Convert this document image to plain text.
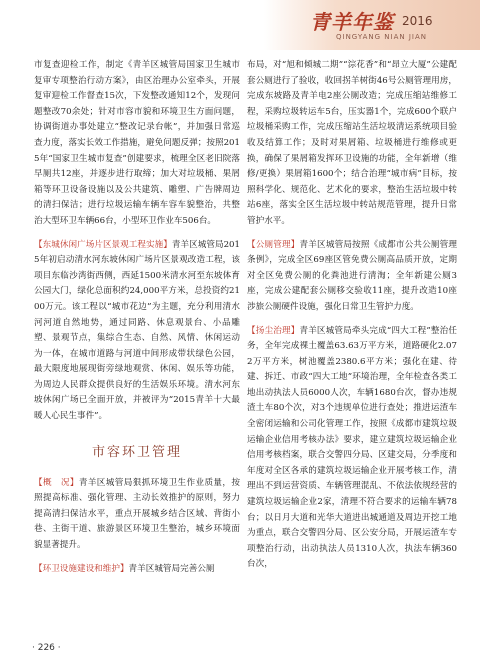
青羊年鉴 2016
QINGYANG NIAN JIAN

市复查迎检工作，制定《青羊区城管局国家卫生城市复审专项整治行动方案》，由区治理办公室牵头，开展复审迎检工作督查15次，下发整改通知12个，发现问题整改70余处；针对市容市貌和环境卫生方面问题，协调街道办事处建立“整改记录台帐”，并加强日常巡查力度，落实长效工作措施，避免问题反弹；按照2015年“国家卫生城市复查”创建要求，梳理全区老旧院落早厕共12座，并逐步进行取缔；加大对垃圾桶、果屑箱等环卫设备设施以及公共建筑、雕塑、广告牌周边的清扫保洁；进行垃圾运输车辆车容车貌整治，共整治大型环卫车辆66台，小型环卫作业车506台。

【东城休闲广场片区景观工程实施】青羊区城管局2015年初启动清水河东坡休闲广场片区景观改造工程，该项目东临沙湾街西侧，西延1500米清水河至东坡体育公园大门，绿化总面积约24,000平方米，总投资约2100万元。该工程以“城市花边”为主题，充分利用清水河河道自然地势，通过同路、休息观景台、小品雕塑、景观节点，集综合生态、自然、风情、休闲运动为一体，在城市道路与河道中间形成带状绿色公园，最大限度地展现街旁绿地观赏、休闲、娱乐等功能，为周边人民群众提供良好的生活娱乐环境。清水河东坡休闲广场已全面开放，并被评为“2015青羊十大最暖人心民生事件”。

市容环卫管理

【概　况】青羊区城管局狠抓环境卫生作业质量，按照提高标准、强化管理、主动长效推护的原则，努力提高清扫保洁水平，重点开展城乡结合区域、背街小巷、主街干道、旅游景区环境卫生整治，城乡环境面貌显著提升。

【环卫设施建设和维护】青羊区城管局完善公厕

布局，对“旭和倾城二期”“淙花香”和“昂立大厦”公建配套公厕进行了验收，收回拐羊树街46号公厕管理用房，完成东坡路及青羊电2座公厕改造；完成压缩站维修工程，采购垃圾转运车5台，压实器1个，完成600个联户垃圾桶采购工作，完成压缩站生活垃圾清运系统项目验收及结算工作；及时对果屑箱、垃圾桶进行维修或更换，确保了果屑箱发挥环卫设施的功能，全年新增（维修/更换）果屑箱1600个；结合治理“城市病”目标，按照科学化、规范化、艺术化的要求，整治生活垃圾中转站6座，落实全区生活垃圾中转站规范管理，提升日常管护水平。

【公厕管理】青羊区城管局按照《成都市公共公厕管理条例》，完成全区69座区管免费公厕高品质开放，定期对全区免费公厕的化粪池进行清淘；全年新建公厕3座，完成公建配套公厕移交验收11座，提升改造10座涉旅公厕硬件设施，强化日常卫生管护力度。

【扬尘治理】青羊区城管局牵头完成“四大工程”整治任务，全年完成裸土覆盖63.63万平方米，道路硬化2.072万平方米，树池覆盖2380.6平方米；强化在建、待建、拆迁、市政“四大工地”环境治理，全年检查各类工地出动执法人员6000人次，车辆1680台次，督办违规渣土车80个次，对3个违规单位进行查处；推进运渣车全密闭运输和公司化管理工作，按照《成都市建筑垃圾运输企业信用考核办法》要求，建立建筑垃圾运输企业信用考核档案，联合交警四分局、区建交局，分季度和年度对全区各承的建筑垃圾运输企业开展考核工作，清理出不到运营资质、车辆管理混乱、不依法依规经营的建筑垃圾运输企业2家，清理不符合要求的运输车辆78台；以日月大道和光华大道进出城通道及周边开挖工地为重点，联合交警四分局、区公安分局，开展运渣车专项整治行动，出动执法人员1310人次，执法车辆360台次，

· 226 ·
